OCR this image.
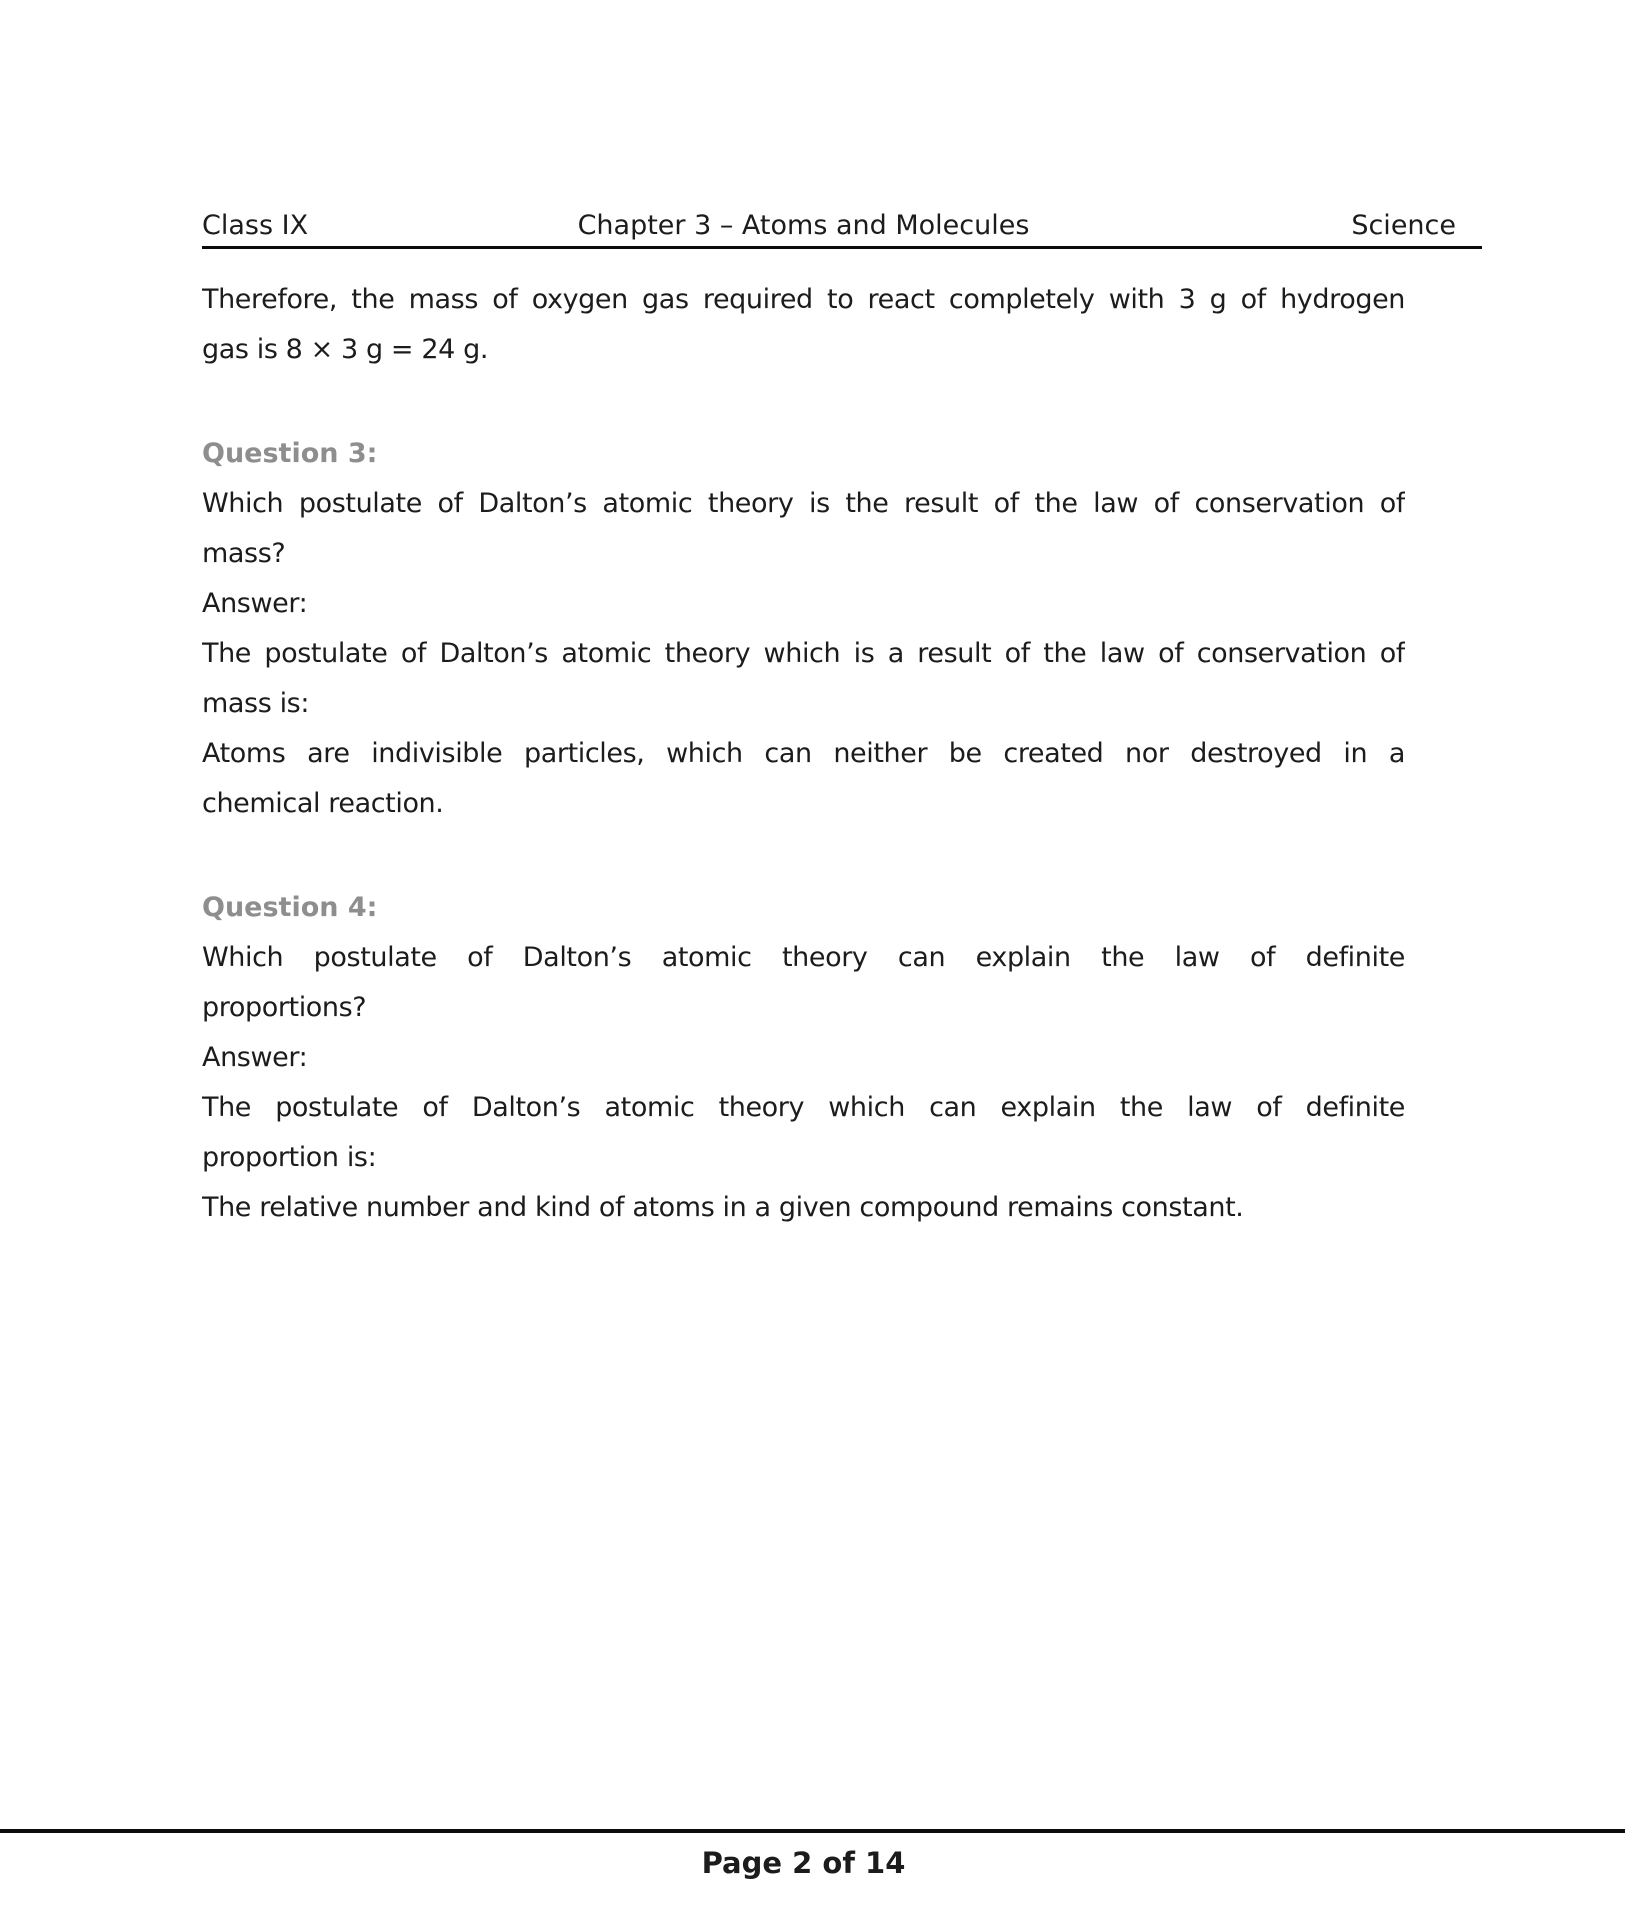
Class IX	Chapter 3 – Atoms and Molecules	Science
Therefore, the mass of oxygen gas required to react completely with 3 g of hydrogen
gas is 8 × 3 g = 24 g.
Question 3:
Which postulate of Dalton’s atomic theory is the result of the law of conservation of
mass?
Answer:
The postulate of Dalton’s atomic theory which is a result of the law of conservation of
mass is:
Atoms are indivisible particles, which can neither be created nor destroyed in a
chemical reaction.
Question 4:
Which postulate of Dalton’s atomic theory can explain the law of definite
proportions?
Answer:
The postulate of Dalton’s atomic theory which can explain the law of definite
proportion is:
The relative number and kind of atoms in a given compound remains constant.
Page 2 of 14
